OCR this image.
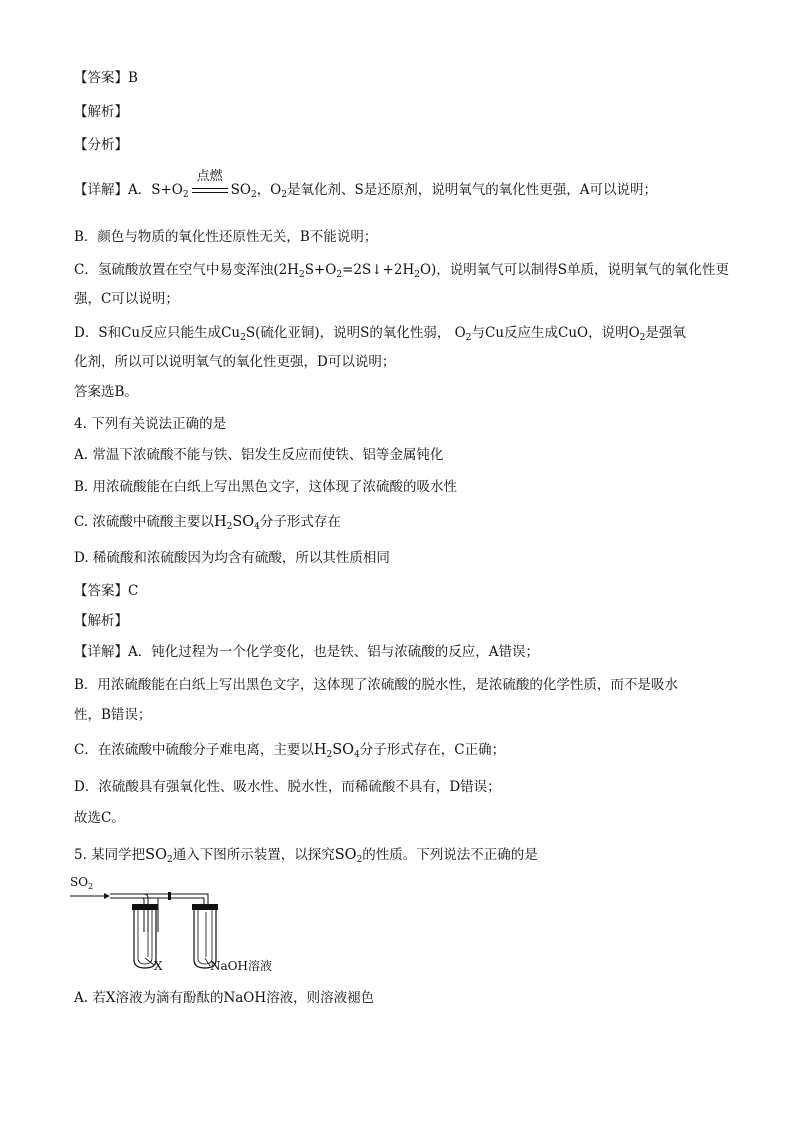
【答案】B
【解析】
【分析】
【详解】A．$S+O_2$
点燃
$SO_2$，$O_2$是氧化剂、S是还原剂，说明氧气的氧化性更强，A可以说明；
B．颜色与物质的氧化性还原性无关，B不能说明；
C．氢硫酸放置在空气中易变浑浊$(2H_2S+O_2=2S↓+2H_2O)$，说明氧气可以制得S单质，说明氧气的氧化性更
强，C可以说明；
D．S和Cu反应只能生成$Cu_2S$(硫化亚铜)，说明S的氧化性弱， $O_2$与Cu反应生成CuO，说明$O_2$是强氧
化剂，所以可以说明氧气的氧化性更强，D可以说明；
答案选B。
4. 下列有关说法正确的是
A. 常温下浓硫酸不能与铁、铝发生反应而使铁、铝等金属钝化
B. 用浓硫酸能在白纸上写出黑色文字，这体现了浓硫酸的吸水性
C. 浓硫酸中硫酸主要以$H_2SO_4$分子形式存在
D. 稀硫酸和浓硫酸因为均含有硫酸，所以其性质相同
【答案】C
【解析】
【详解】A．钝化过程为一个化学变化，也是铁、铝与浓硫酸的反应，A错误；
B．用浓硫酸能在白纸上写出黑色文字，这体现了浓硫酸的脱水性，是浓硫酸的化学性质，而不是吸水
性，B错误；
C．在浓硫酸中硫酸分子难电离，主要以$H_2SO_4$分子形式存在，C正确；
D．浓硫酸具有强氧化性、吸水性、脱水性，而稀硫酸不具有，D错误；
故选C。
5. 某同学把$SO_2$通入下图所示装置，以探究$SO_2$的性质。下列说法不正确的是
$SO_2$
X	NaOH溶液
A. 若X溶液为滴有酚酞的NaOH溶液，则溶液褪色
